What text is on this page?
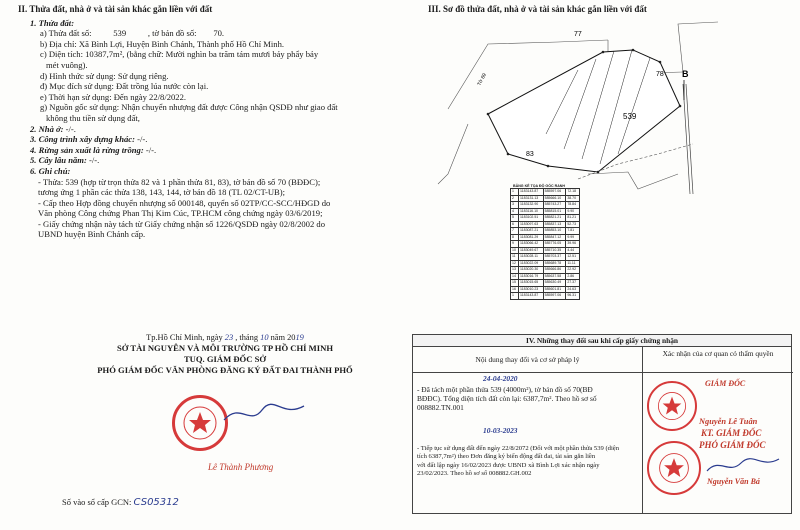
II. Thửa đất, nhà ở và tài sản khác gắn liền với đất
1. Thửa đất:
a) Thửa đất số:	539	, tờ bản đồ số: 70.
b) Địa chỉ: Xã Bình Lợi, Huyện Bình Chánh, Thành phố Hồ Chí Minh.
c) Diện tích: 10387,7m², (bằng chữ: Mười nghìn ba trăm tám mươi bảy phẩy bảy
mét vuông).
d) Hình thức sử dụng: Sử dụng riêng.
đ) Mục đích sử dụng: Đất trồng lúa nước còn lại.
e) Thời hạn sử dụng: Đến ngày 22/8/2022.
g) Nguồn gốc sử dụng: Nhận chuyển nhượng đất được Công nhận QSDĐ như giao đất
không thu tiền sử dụng đất,
2. Nhà ở: -/-.
3. Công trình xây dựng khác: -/-.
4. Rừng sản xuất là rừng trồng: -/-.
5. Cây lâu năm: -/-.
6. Ghi chú:
- Thửa: 539 (hợp từ trọn thửa 82 và 1 phần thửa 81, 83), tờ bản đồ số 70 (BĐĐC);
tương ứng 1 phần các thửa 138, 143, 144, tờ bản đồ 18 (TL 02/CT-UB);
- Cấp theo Hợp đồng chuyển nhượng số 000148, quyển số 02TP/CC-SCC/HĐGD do
Văn phòng Công chứng Phan Thị Kim Cúc, TP.HCM công chứng ngày 03/6/2019;
- Giấy chứng nhận này tách từ Giấy chứng nhận số 1226/QSDĐ ngày 02/8/2002 do
UBND huyện Bình Chánh cấp.
III. Sơ đồ thửa đất, nhà ở và tài sản khác gắn liền với đất
539
77
78
83
Tờ 69	B
BẢNG KÊ TỌA ĐỘ GÓC RANH
1	1183143.87	585597.06	72.18
2	1183131.13	585666.10	38.70
3	1183132.90	585743.27	78.84
4	1183116.10	585815.01	9.90
5	1183102.51	585821.21	81.21
6	1183097.63	585837.13	52.73
7	1183087.21	585853.10	7.81
8	1183081.29	585847.12	9.99
9	1183066.42	585776.05	39.96
10	1183049.67	585710.35	4.44
11	1183028.11	585703.37	12.51
12	1183022.09	585689.78	11.11
13	1183020.30	585666.86	22.92
14	1183016.79	585637.58	2.86
15	1183015.65	585630.49	27.37
16	1183010.23	585601.81	24.63
1	1183143.87	585597.06	96.31
Tp.Hồ Chí Minh, ngày 23 , tháng 10 năm 2019
SỞ TÀI NGUYÊN VÀ MÔI TRƯỜNG TP HỒ CHÍ MINH
TUQ. GIÁM ĐỐC SỞ
PHÓ GIÁM ĐỐC VĂN PHÒNG ĐĂNG KÝ ĐẤT ĐAI THÀNH PHỐ
Lê Thành Phương
Số vào sổ cấp GCN: CS05312
IV. Những thay đổi sau khi cấp giấy chứng nhận
Nội dung thay đổi và cơ sở pháp lý
24-04-2020
- Đã tách một phần thửa 539 (4000m²), tờ bản đồ số 70(BĐ
BĐĐC). Tổng diện tích đất còn lại: 6387,7m². Theo hồ sơ số
008882.TN.001
10-03-2023
- Tiếp tục sử dụng đất đến ngày 22/8/2072 (Đối với một phần thửa 539 (diện
tích 6387,7m²) theo Đơn đăng ký biến động đất đai, tài sản gắn liền
với đất lập ngày 16/02/2023 được UBND xã Bình Lợi xác nhận ngày
23/02/2023. Theo hồ sơ số 008882.GH.002
Xác nhận của cơ quan có thẩm quyền
GIÁM ĐỐC
Nguyễn Lê Tuân
KT. GIÁM ĐỐC
PHÓ GIÁM ĐỐC
Nguyễn Văn Bá
